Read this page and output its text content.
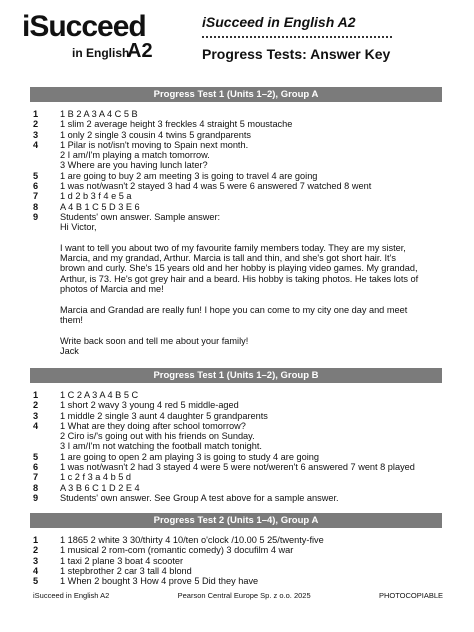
iSucceed
in English
A2
iSucceed in English A2
Progress Tests: Answer Key
Progress Test 1 (Units 1–2), Group A
1	1 B 2 A 3 A 4 C 5 B
2	1 slim 2 average height 3 freckles 4 straight 5 moustache
3	1 only 2 single 3 cousin 4 twins 5 grandparents
4	1 Pilar is not/isn't moving to Spain next month.
2 I am/I'm playing a match tomorrow.
3 Where are you having lunch later?
5	1 are going to buy 2 am meeting 3 is going to travel 4 are going
6	1 was not/wasn't 2 stayed 3 had 4 was 5 were 6 answered 7 watched 8 went
7	1 d 2 b 3 f 4 e 5 a
8	A 4 B 1 C 5 D 3 E 6
9	Students' own answer. Sample answer:
Hi Victor,
I want to tell you about two of my favourite family members today. They are my sister,
Marcia, and my grandad, Arthur. Marcia is tall and thin, and she's got short hair. It's
brown and curly. She's 15 years old and her hobby is playing video games. My grandad,
Arthur, is 73. He's got grey hair and a beard. His hobby is taking photos. He takes lots of
photos of Marcia and me!
Marcia and Grandad are really fun! I hope you can come to my city one day and meet
them!
Write back soon and tell me about your family!
Jack
Progress Test 1 (Units 1–2), Group B
1	1 C 2 A 3 A 4 B 5 C
2	1 short 2 wavy 3 young 4 red 5 middle-aged
3	1 middle 2 single 3 aunt 4 daughter 5 grandparents
4	1 What are they doing after school tomorrow?
2 Ciro is/'s going out with his friends on Sunday.
3 I am/I'm not watching the football match tonight.
5	1 are going to open 2 am playing 3 is going to study 4 are going
6	1 was not/wasn't 2 had 3 stayed 4 were 5 were not/weren't 6 answered 7 went 8 played
7	1 c 2 f 3 a 4 b 5 d
8	A 3 B 6 C 1 D 2 E 4
9	Students' own answer. See Group A test above for a sample answer.
Progress Test 2 (Units 1–4), Group A
1	1 1865 2 white 3 30/thirty 4 10/ten o'clock /10.00 5 25/twenty-five
2	1 musical 2 rom-com (romantic comedy) 3 docufilm 4 war
3	1 taxi 2 plane 3 boat 4 scooter
4	1 stepbrother 2 car 3 tall 4 blond
5	1 When 2 bought 3 How 4 prove 5 Did they have
iSucceed in English A2	Pearson Central Europe Sp. z o.o. 2025	PHOTOCOPIABLE
